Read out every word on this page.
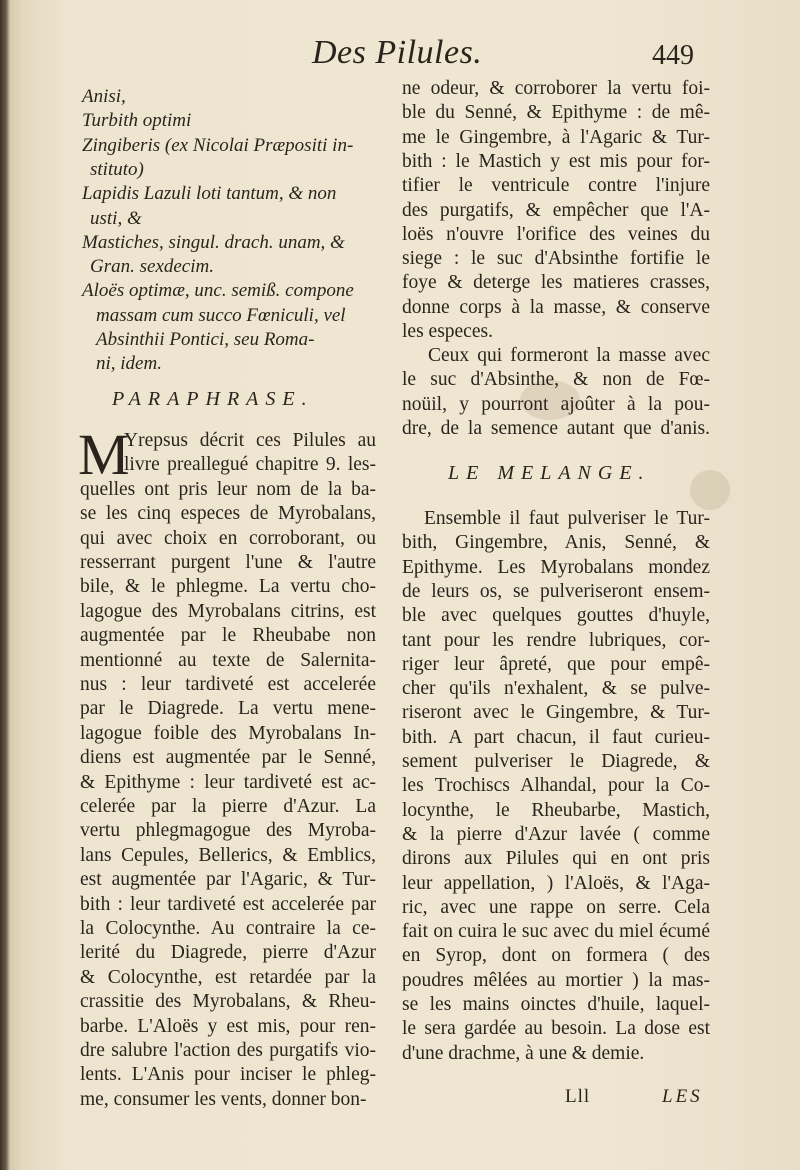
Des Pilules.	449
Anisi,
Turbith optimi
Zingiberis (ex Nicolai Præpositi in-
stituto)
Lapidis Lazuli loti tantum, & non
usti, &
Mastiches, singul. drach. unam, &
Gran. sexdecim.
Aloës optimæ, unc. semiß. compone
massam cum succo Fœniculi, vel
Absinthii Pontici, seu Roma-
ni, idem.
PARAPHRASE.
M
Yrepsus décrit ces Pilules au
livre preallegué chapitre 9. les-
quelles ont pris leur nom de la ba-
se les cinq especes de Myrobalans,
qui avec choix en corroborant, ou
resserrant purgent l'une & l'autre
bile, & le phlegme. La vertu cho-
lagogue des Myrobalans citrins, est
augmentée par le Rheubabe non
mentionné au texte de Salernita-
nus : leur tardiveté est accelerée
par le Diagrede. La vertu mene-
lagogue foible des Myrobalans In-
diens est augmentée par le Senné,
& Epithyme : leur tardiveté est ac-
celerée par la pierre d'Azur. La
vertu phlegmagogue des Myroba-
lans Cepules, Bellerics, & Emblics,
est augmentée par l'Agaric, & Tur-
bith : leur tardiveté est accelerée par
la Colocynthe. Au contraire la ce-
lerité du Diagrede, pierre d'Azur
& Colocynthe, est retardée par la
crassitie des Myrobalans, & Rheu-
barbe. L'Aloës y est mis, pour ren-
dre salubre l'action des purgatifs vio-
lents. L'Anis pour inciser le phleg-
me, consumer les vents, donner bon-
ne odeur, & corroborer la vertu foi-
ble du Senné, & Epithyme : de mê-
me le Gingembre, à l'Agaric & Tur-
bith : le Mastich y est mis pour for-
tifier le ventricule contre l'injure
des purgatifs, & empêcher que l'A-
loës n'ouvre l'orifice des veines du
siege : le suc d'Absinthe fortifie le
foye & deterge les matieres crasses,
donne corps à la masse, & conserve
les especes.
Ceux qui formeront la masse avec
le suc d'Absinthe, & non de Fœ-
noüil, y pourront ajoûter à la pou-
dre, de la semence autant que d'anis.
LE MELANGE.
Ensemble il faut pulveriser le Tur-
bith, Gingembre, Anis, Senné, &
Epithyme. Les Myrobalans mondez
de leurs os, se pulveriseront ensem-
ble avec quelques gouttes d'huyle,
tant pour les rendre lubriques, cor-
riger leur âpreté, que pour empê-
cher qu'ils n'exhalent, & se pulve-
riseront avec le Gingembre, & Tur-
bith. A part chacun, il faut curieu-
sement pulveriser le Diagrede, &
les Trochiscs Alhandal, pour la Co-
locynthe, le Rheubarbe, Mastich,
& la pierre d'Azur lavée ( comme
dirons aux Pilules qui en ont pris
leur appellation, ) l'Aloës, & l'Aga-
ric, avec une rappe on serre. Cela
fait on cuira le suc avec du miel écumé
en Syrop, dont on formera ( des
poudres mêlées au mortier ) la mas-
se les mains oinctes d'huile, laquel-
le sera gardée au besoin. La dose est
d'une drachme, à une & demie.
Lll	LES
